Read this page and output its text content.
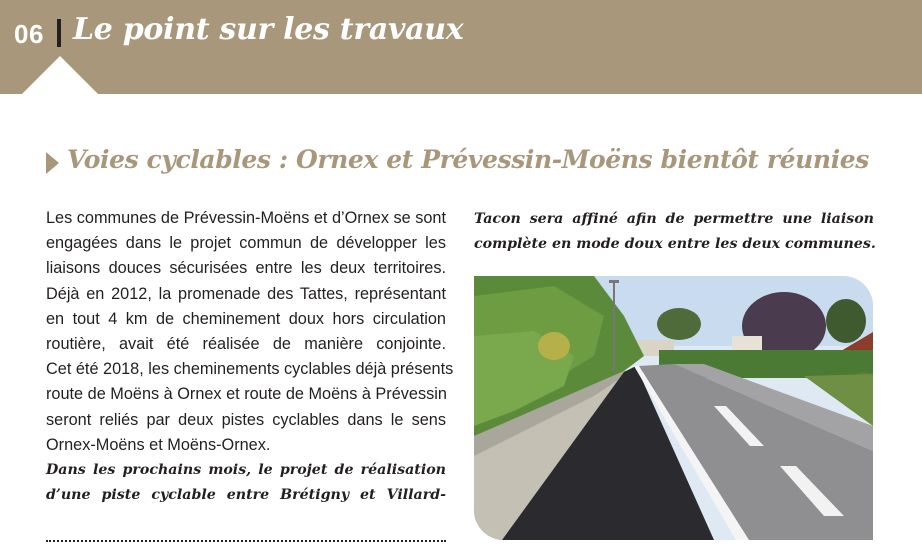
06 Le point sur les travaux
Voies cyclables : Ornex et Prévessin-Moëns bientôt réunies
Les communes de Prévessin-Moëns et d’Ornex se sont
engagées dans le projet commun de développer les
liaisons douces sécurisées entre les deux territoires.
Déjà en 2012, la promenade des Tattes, représentant
en tout 4 km de cheminement doux hors circulation
routière, avait été réalisée de manière conjointe.
Cet été 2018, les cheminements cyclables déjà présents
route de Moëns à Ornex et route de Moëns à Prévessin
seront reliés par deux pistes cyclables dans le sens
Ornex-Moëns et Moëns-Ornex.
Dans les prochains mois, le projet de réalisation
d’une piste cyclable entre Brétigny et Villard-
Tacon sera affiné afin de permettre une liaison
complète en mode doux entre les deux communes.
